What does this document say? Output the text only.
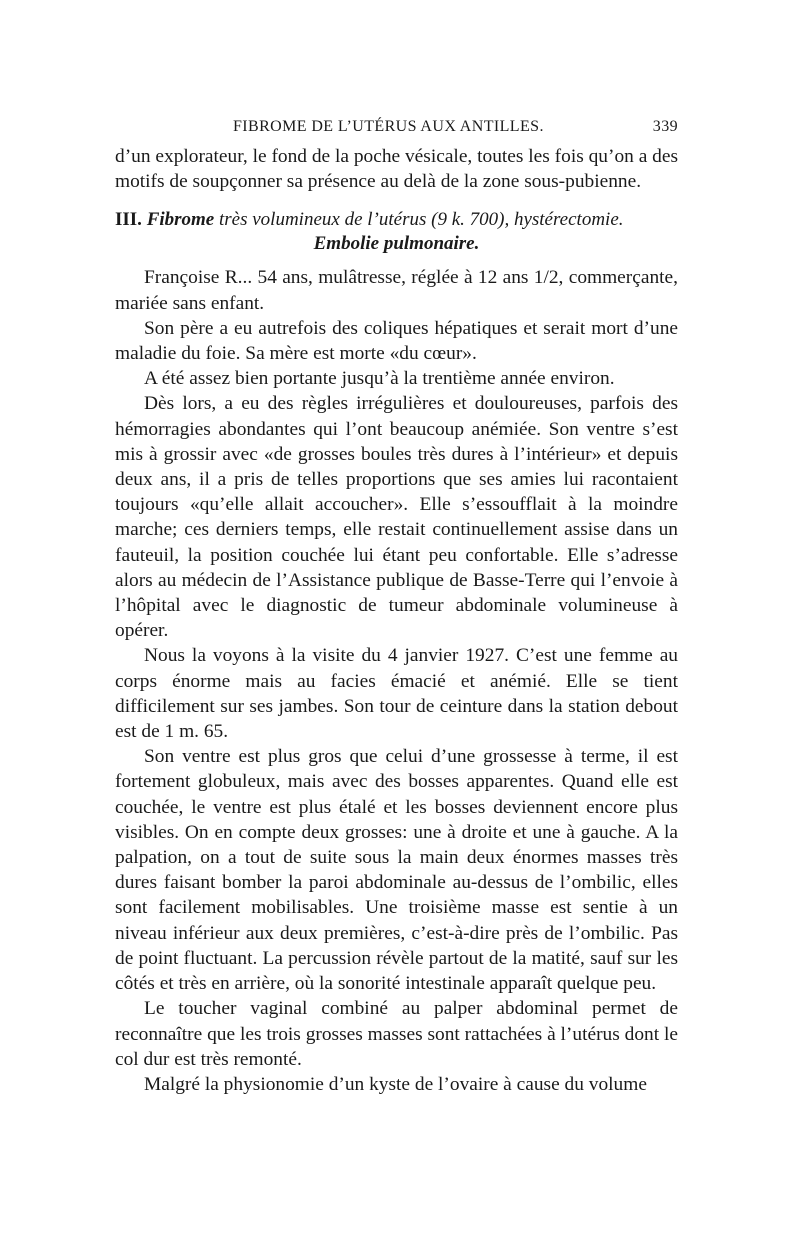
FIBROME DE L’UTÉRUS AUX ANTILLES.	339

d’un explorateur, le fond de la poche vésicale, toutes les fois qu’on a des motifs de soupçonner sa présence au delà de la zone sous-pubienne.

III. Fibrome très volumineux de l’utérus (9 k. 700), hystérectomie.
Embolie pulmonaire.

Françoise R... 54 ans, mulâtresse, réglée à 12 ans 1/2, commerçante, mariée sans enfant.

Son père a eu autrefois des coliques hépatiques et serait mort d’une maladie du foie. Sa mère est morte «du cœur».

A été assez bien portante jusqu’à la trentième année environ.

Dès lors, a eu des règles irrégulières et douloureuses, parfois des hémorragies abondantes qui l’ont beaucoup anémiée. Son ventre s’est mis à grossir avec «de grosses boules très dures à l’intérieur» et depuis deux ans, il a pris de telles proportions que ses amies lui racontaient toujours «qu’elle allait accoucher». Elle s’essoufflait à la moindre marche; ces derniers temps, elle restait continuellement assise dans un fauteuil, la position couchée lui étant peu confortable. Elle s’adresse alors au médecin de l’Assistance publique de Basse-Terre qui l’envoie à l’hôpital avec le diagnostic de tumeur abdominale volumineuse à opérer.

Nous la voyons à la visite du 4 janvier 1927. C’est une femme au corps énorme mais au facies émacié et anémié. Elle se tient difficilement sur ses jambes. Son tour de ceinture dans la station debout est de 1 m. 65.

Son ventre est plus gros que celui d’une grossesse à terme, il est fortement globuleux, mais avec des bosses apparentes. Quand elle est couchée, le ventre est plus étalé et les bosses deviennent encore plus visibles. On en compte deux grosses: une à droite et une à gauche. A la palpation, on a tout de suite sous la main deux énormes masses très dures faisant bomber la paroi abdominale au-dessus de l’ombilic, elles sont facilement mobilisables. Une troisième masse est sentie à un niveau inférieur aux deux premières, c’est-à-dire près de l’ombilic. Pas de point fluctuant. La percussion révèle partout de la matité, sauf sur les côtés et très en arrière, où la sonorité intestinale apparaît quelque peu.

Le toucher vaginal combiné au palper abdominal permet de reconnaître que les trois grosses masses sont rattachées à l’utérus dont le col dur est très remonté.

Malgré la physionomie d’un kyste de l’ovaire à cause du volume
